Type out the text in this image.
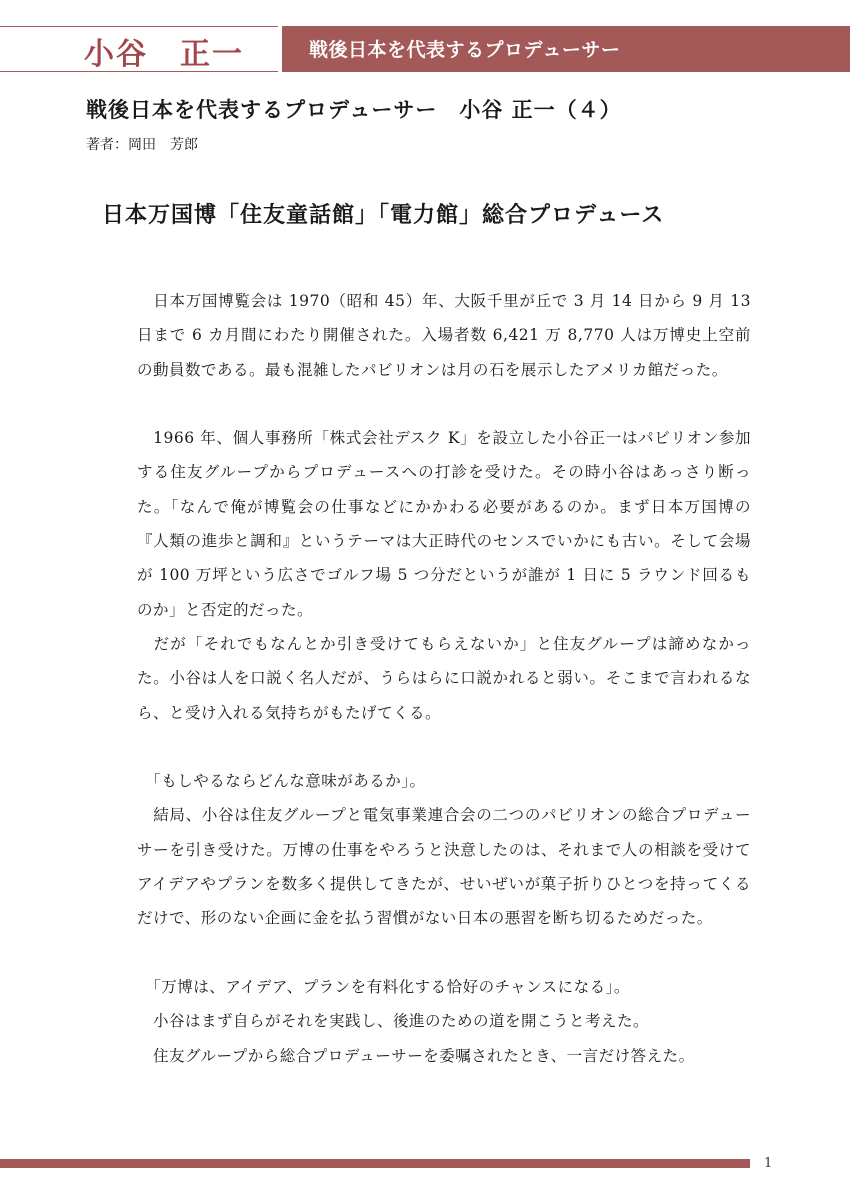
小谷　正一	戦後日本を代表するプロデューサー
戦後日本を代表するプロデューサー　小谷 正一（４）
著者：岡田　芳郎
日本万国博「住友童話館」「電力館」総合プロデュース

　日本万国博覧会は 1970（昭和 45）年、大阪千里が丘で 3 月 14 日から 9 月 13 日まで 6 カ月間にわたり開催された。入場者数 6,421 万 8,770 人は万博史上空前の動員数である。最も混雑したパビリオンは月の石を展示したアメリカ館だった。

　1966 年、個人事務所「株式会社デスク K」を設立した小谷正一はパビリオン参加する住友グループからプロデュースへの打診を受けた。その時小谷はあっさり断った。「なんで俺が博覧会の仕事などにかかわる必要があるのか。まず日本万国博の『人類の進歩と調和』というテーマは大正時代のセンスでいかにも古い。そして会場が 100 万坪という広さでゴルフ場 5 つ分だというが誰が 1 日に 5 ラウンド回るものか」と否定的だった。

　だが「それでもなんとか引き受けてもらえないか」と住友グループは諦めなかった。小谷は人を口説く名人だが、うらはらに口説かれると弱い。そこまで言われるなら、と受け入れる気持ちがもたげてくる。

　「もしやるならどんな意味があるか」。

　結局、小谷は住友グループと電気事業連合会の二つのパビリオンの総合プロデューサーを引き受けた。万博の仕事をやろうと決意したのは、それまで人の相談を受けてアイデアやプランを数多く提供してきたが、せいぜいが菓子折りひとつを持ってくるだけで、形のない企画に金を払う習慣がない日本の悪習を断ち切るためだった。

　「万博は、アイデア、プランを有料化する恰好のチャンスになる」。

　小谷はまず自らがそれを実践し、後進のための道を開こうと考えた。

　住友グループから総合プロデューサーを委嘱されたとき、一言だけ答えた。

1
